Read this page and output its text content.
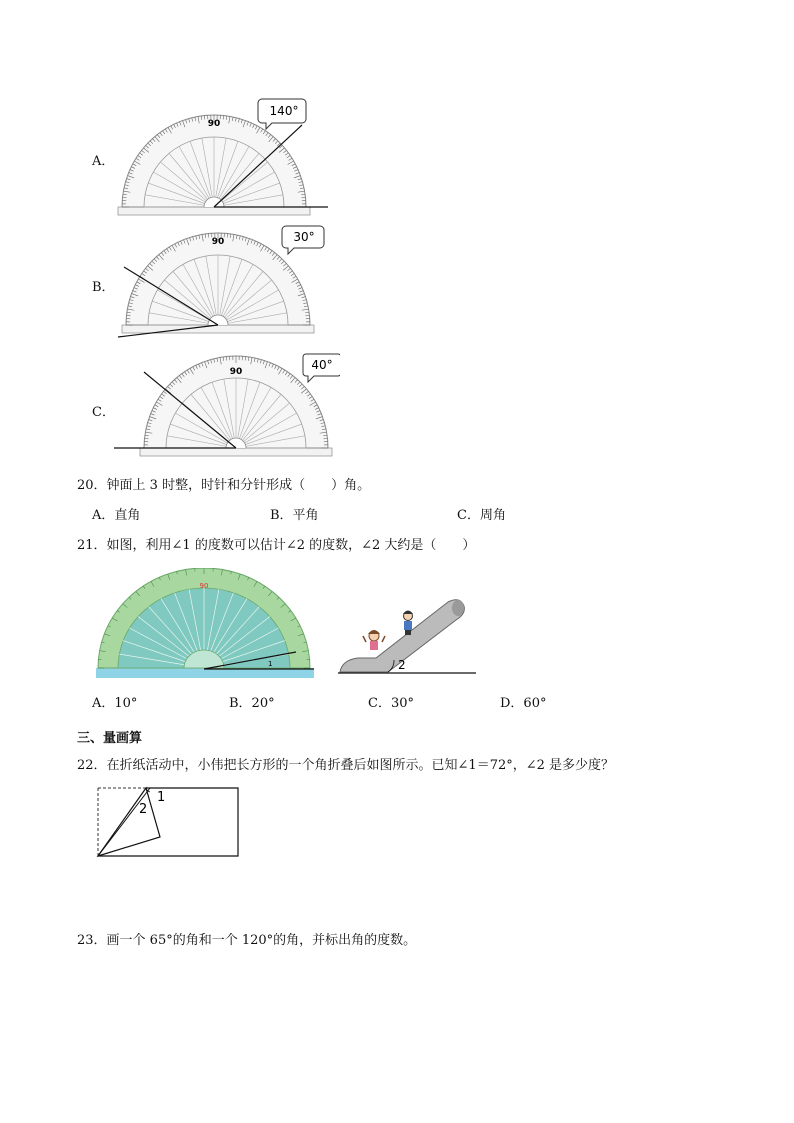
A．
B．
C．
90
140°
90	30°
90	40°
20．钟面上 3 时整，时针和分针形成（　　）角。
A．直角	B．平角	C．周角
21．如图，利用∠1 的度数可以估计∠2 的度数，∠2 大约是（　　）
90
1	2
A．10°	B．20°	C．30°	D．60°
三、量画算
22．在折纸活动中，小伟把长方形的一个角折叠后如图所示。已知∠1＝72°，∠2 是多少度？
1
2
23．画一个 65°的角和一个 120°的角，并标出角的度数。
